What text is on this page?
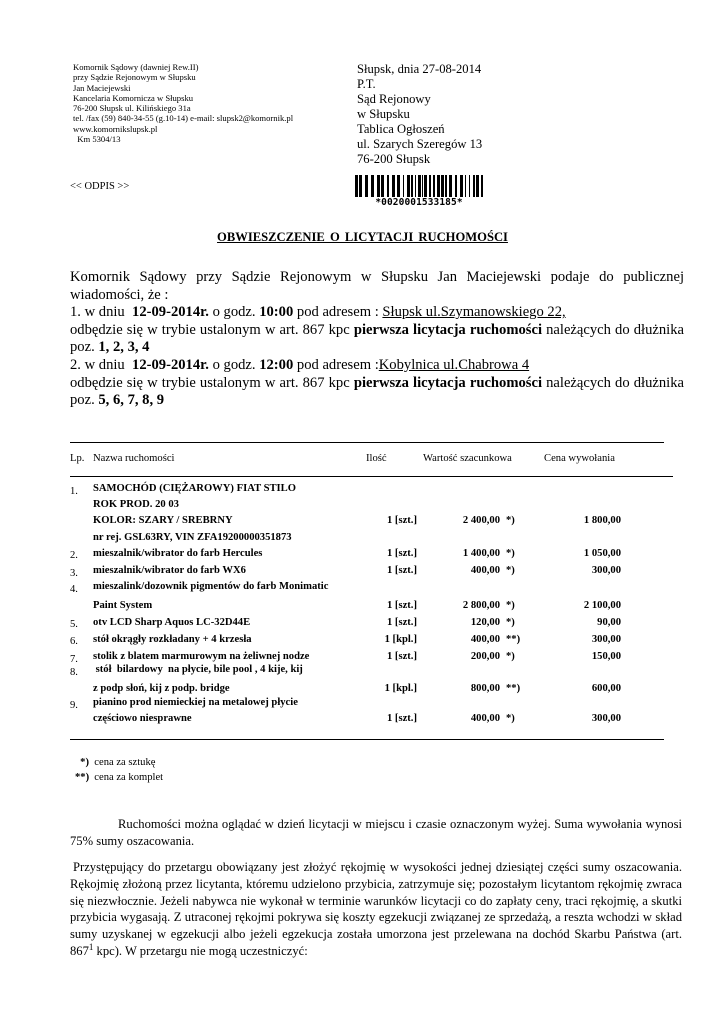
Komornik Sądowy (dawniej Rew.II)
przy Sądzie Rejonowym w Słupsku
Jan Maciejewski
Kancelaria Komornicza w Słupsku
76-200 Słupsk ul. Kilińskiego 31a
tel. /fax (59) 840-34-55 (g.10-14) e-mail: slupsk2@komornik.pl
www.komornikslupsk.pl
Km 5304/13
Słupsk, dnia 27-08-2014
P.T.
Sąd Rejonowy
w Słupsku
Tablica Ogłoszeń
ul. Szarych Szeregów 13
76-200 Słupsk
<< ODPIS >>
*0020001533185*
OBWIESZCZENIE O LICYTACJI RUCHOMOŚCI

Komornik Sądowy przy Sądzie Rejonowym w Słupsku Jan Maciejewski podaje do publicznej

wiadomości, że :

1. w dniu  12-09-2014r. o godz. 10:00 pod adresem : Słupsk ul.Szymanowskiego 22,

odbędzie się w trybie ustalonym w art. 867 kpc pierwsza licytacja ruchomości należących do dłużnika

poz. 1, 2, 3, 4

2. w dniu  12-09-2014r. o godz. 12:00 pod adresem :Kobylnica ul.Chabrowa 4

odbędzie się w trybie ustalonym w art. 867 kpc pierwsza licytacja ruchomości należących do dłużnika

poz. 5, 6, 7, 8, 9

Lp. Nazwa ruchomości	Ilość	Wartość szacunkowa	Cena wywołania
1. SAMOCHÓD (CIĘŻAROWY) FIAT STILO
ROK PROD. 20 03
KOLOR: SZARY / SREBRNY
nr rej. GSL63RY, VIN ZFA19200000351873
1 [szt.]	2 400,00 *)	1 800,00
2. mieszalnik/wibrator do farb Hercules	1 [szt.]	1 400,00 *)	1 050,00
3. mieszalnik/wibrator do farb WX6	1 [szt.]	400,00 *)	300,00
4. mieszalink/dozownik pigmentów do farb Monimatic
Paint System	1 [szt.]	2 800,00 *)	2 100,00
5. otv LCD Sharp Aquos LC-32D44E	1 [szt.]	120,00 *)	90,00
6. stół okrągły rozkładany + 4 krzesła	1 [kpl.]	400,00 **)	300,00
7. stolik z blatem marmurowym na żeliwnej nodze	1 [szt.]	200,00 *)	150,00
8. stół  bilardowy  na płycie, bile pool , 4 kije, kij
z podp słoń, kij z podp. bridge	1 [kpl.]	800,00 **)	600,00
9. pianino prod niemieckiej na metalowej płycie
częściowo niesprawne	1 [szt.]	400,00 *)	300,00
*) cena za sztukę
**) cena za komplet

Ruchomości można oglądać w dzień licytacji w miejscu i czasie oznaczonym wyżej. Suma wywołania wynosi 75% sumy oszacowania.

Przystępujący do przetargu obowiązany jest złożyć rękojmię w wysokości jednej dziesiątej części sumy oszacowania. Rękojmię złożoną przez licytanta, któremu udzielono przybicia, zatrzymuje się; pozostałym licytantom rękojmię zwraca się niezwłocznie. Jeżeli nabywca nie wykonał w terminie warunków licytacji co do zapłaty ceny, traci rękojmię, a skutki przybicia wygasają. Z utraconej rękojmi pokrywa się koszty egzekucji związanej ze sprzedażą, a reszta wchodzi w skład sumy uzyskanej w egzekucji albo jeżeli egzekucja została umorzona jest przelewana na dochód Skarbu Państwa (art. $867^1$ kpc). W przetargu nie mogą uczestniczyć:
